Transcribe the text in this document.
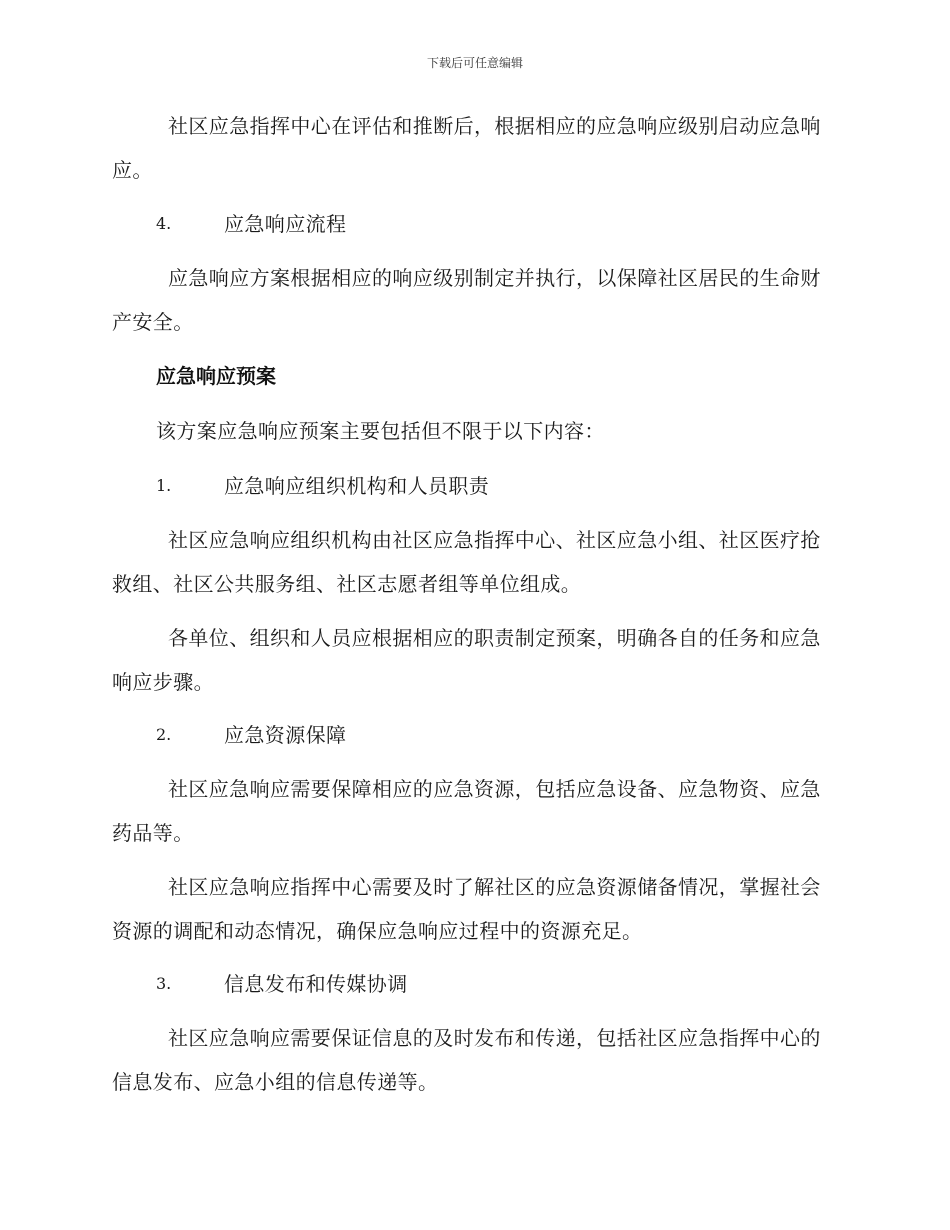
下载后可任意编辑
社区应急指挥中心在评估和推断后，根据相应的应急响应级别启动应急响应。
4.	应急响应流程
应急响应方案根据相应的响应级别制定并执行，以保障社区居民的生命财产安全。
应急响应预案
该方案应急响应预案主要包括但不限于以下内容：
1.	应急响应组织机构和人员职责
社区应急响应组织机构由社区应急指挥中心、社区应急小组、社区医疗抢救组、社区公共服务组、社区志愿者组等单位组成。
各单位、组织和人员应根据相应的职责制定预案，明确各自的任务和应急响应步骤。
2.	应急资源保障
社区应急响应需要保障相应的应急资源，包括应急设备、应急物资、应急药品等。
社区应急响应指挥中心需要及时了解社区的应急资源储备情况，掌握社会资源的调配和动态情况，确保应急响应过程中的资源充足。
3.	信息发布和传媒协调
社区应急响应需要保证信息的及时发布和传递，包括社区应急指挥中心的信息发布、应急小组的信息传递等。
